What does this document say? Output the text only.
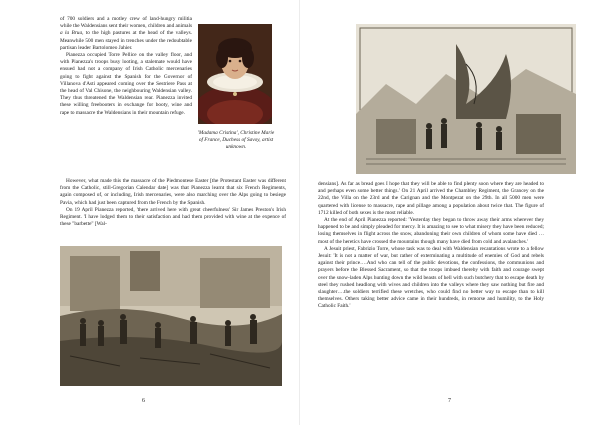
of 700 soldiers and a motley crew of land-hungry militia while the Waldensians sent their women, children and animals a la Brua, to the high pastures at the head of the valleys. Meanwhile 500 men stayed in trenches under the redoubtable partisan leader Bartolomeo Jahier.

Pianezza occupied Torre Pellice on the valley floor, and with Pianezza's troops busy looting, a stalemate would have ensued had not a company of Irish Catholic mercenaries going to fight against the Spanish for the Governor of Villanova d'Asti appeared coming over the Sestriere Pass at the head of Val Chisone, the neighbouring Waldensian valley. They thus threatened the Waldensian rear. Pianezza invited these willing freebooters in exchange for booty, wine and rape to massacre the Waldensians in their mountain refuge.

'Madama Cristina', Christine Marie of France, Duchess of Savoy, artist unknown.

However, what made this the massacre of the Piedmontese Easter [the Protestant Easter was different from the Catholic, still-Gregorian Calendar date] was that Pianezza learnt that six French Regiments, again composed of, or including, Irish mercenaries, were also marching over the Alps going to besiege Pavia, which had just been captured from the French by the Spanish.

On 19 April Pianezza reported, 'there arrived here with great cheerfulness' Sir James Preston's Irish Regiment. 'I have lodged them to their satisfaction and had them provided with wine at the expence of these "barbette" [Wal-

6

densians]. As far as bread goes I hope that they will be able to find plenty soon where they are headed to and perhaps even some better things.' On 21 April arrived the Chambley Regiment, the Grancey on the 22nd, the Villa on the 23rd and the Carignan and the Montpezat on the 29th. In all 5000 men were quartered with license to massacre, rape and pillage among a population about twice that. The figure of 1712 killed of both sexes is the most reliable.

At the end of April Pianezza reported: 'Yesterday they began to throw away their arms wherever they happened to be and simply pleaded for mercy. It is amazing to see to what misery they have been reduced; losing themselves in flight across the snow, abandoning their own children of whom some have died … most of the heretics have crossed the mountains though many have died from cold and avalanches.'

A Jesuit priest, Fabrizio Torre, whose task was to deal with Waldensian recantations wrote to a fellow Jesuit: 'It is not a matter of war, but rather of exterminating a multitude of enemies of God and rebels against their prince….And who can tell of the public devotions, the confessions, the communions and prayers before the Blessed Sacrament, so that the troops imbued thereby with faith and courage swept over the snow-laden Alps hunting down the wild beasts of hell with such butchery that to escape death by steel they rushed headlong with wives and children into the valleys where they saw nothing but fire and slaughter….the soldiers terrified these wretches, who could find no better way to escape than to kill themselves. Others taking better advice came in their hundreds, in remorse and humility, to the Holy Catholic Faith.'

7
